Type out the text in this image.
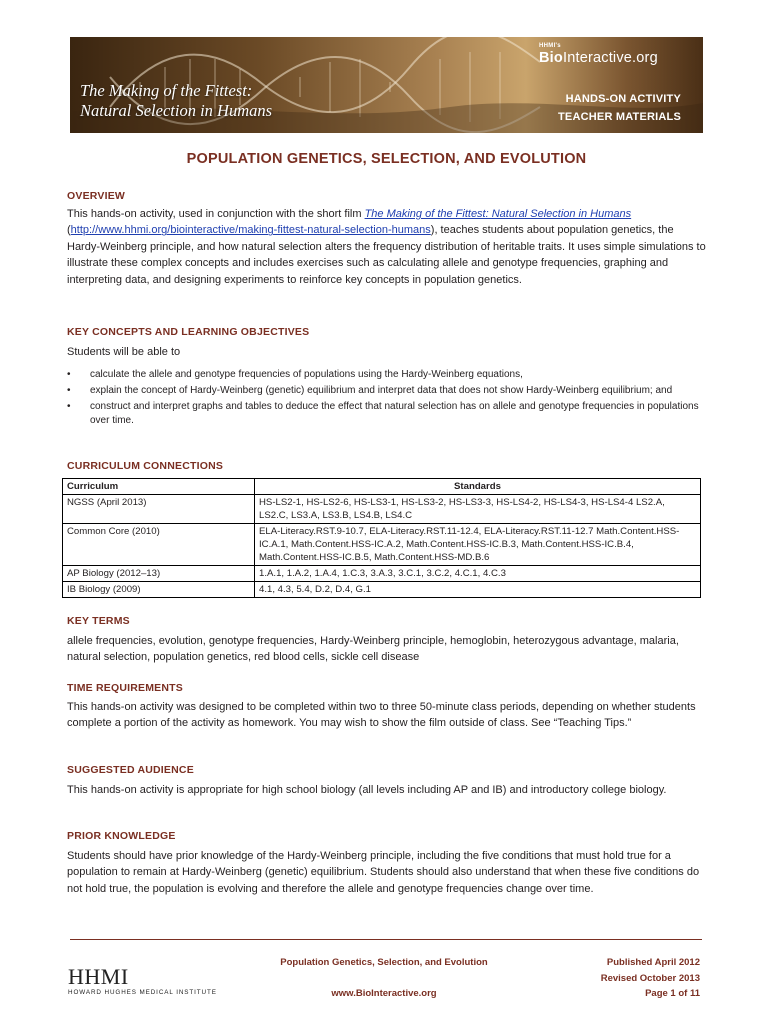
The Making of the Fittest:
Natural Selection in Humans
HHMI's
BioInteractive.org
HANDS-ON ACTIVITY
TEACHER MATERIALS
POPULATION GENETICS, SELECTION, AND EVOLUTION
OVERVIEW

This hands-on activity, used in conjunction with the short film The Making of the Fittest: Natural Selection in Humans
(http://www.hhmi.org/biointeractive/making-fittest-natural-selection-humans), teaches students about population genetics, the Hardy-Weinberg principle, and how natural selection alters the frequency distribution of heritable traits. It uses simple simulations to illustrate these complex concepts and includes exercises such as calculating allele and genotype frequencies, graphing and interpreting data, and designing experiments to reinforce key concepts in population genetics.

KEY CONCEPTS AND LEARNING OBJECTIVES

Students will be able to

• calculate the allele and genotype frequencies of populations using the Hardy-Weinberg equations,
• explain the concept of Hardy-Weinberg (genetic) equilibrium and interpret data that does not show Hardy-Weinberg equilibrium; and
• construct and interpret graphs and tables to deduce the effect that natural selection has on allele and genotype frequencies in populations over time.
CURRICULUM CONNECTIONS
Curriculum	Standards
NGSS (April 2013)	HS-LS2-1, HS-LS2-6, HS-LS3-1, HS-LS3-2, HS-LS3-3, HS-LS4-2, HS-LS4-3, HS-LS4-4 LS2.A, LS2.C, LS3.A, LS3.B, LS4.B, LS4.C
Common Core (2010)	ELA-Literacy.RST.9-10.7, ELA-Literacy.RST.11-12.4, ELA-Literacy.RST.11-12.7 Math.Content.HSS-IC.A.1, Math.Content.HSS-IC.A.2, Math.Content.HSS-IC.B.3, Math.Content.HSS-IC.B.4, Math.Content.HSS-IC.B.5, Math.Content.HSS-MD.B.6
AP Biology (2012–13)	1.A.1, 1.A.2, 1.A.4, 1.C.3, 3.A.3, 3.C.1, 3.C.2, 4.C.1, 4.C.3
IB Biology (2009)	4.1, 4.3, 5.4, D.2, D.4, G.1
KEY TERMS

allele frequencies, evolution, genotype frequencies, Hardy-Weinberg principle, hemoglobin, heterozygous advantage, malaria, natural selection, population genetics, red blood cells, sickle cell disease

TIME REQUIREMENTS

This hands-on activity was designed to be completed within two to three 50-minute class periods, depending on whether students complete a portion of the activity as homework. You may wish to show the film outside of class. See “Teaching Tips.”

SUGGESTED AUDIENCE

This hands-on activity is appropriate for high school biology (all levels including AP and IB) and introductory college biology.

PRIOR KNOWLEDGE

Students should have prior knowledge of the Hardy-Weinberg principle, including the five conditions that must hold true for a population to remain at Hardy-Weinberg (genetic) equilibrium. Students should also understand that when these five conditions do not hold true, the population is evolving and therefore the allele and genotype frequencies change over time.

HHMI
HOWARD HUGHES MEDICAL INSTITUTE
Population Genetics, Selection, and Evolution
www.BioInteractive.org
Published April 2012
Revised October 2013
Page 1 of 11
